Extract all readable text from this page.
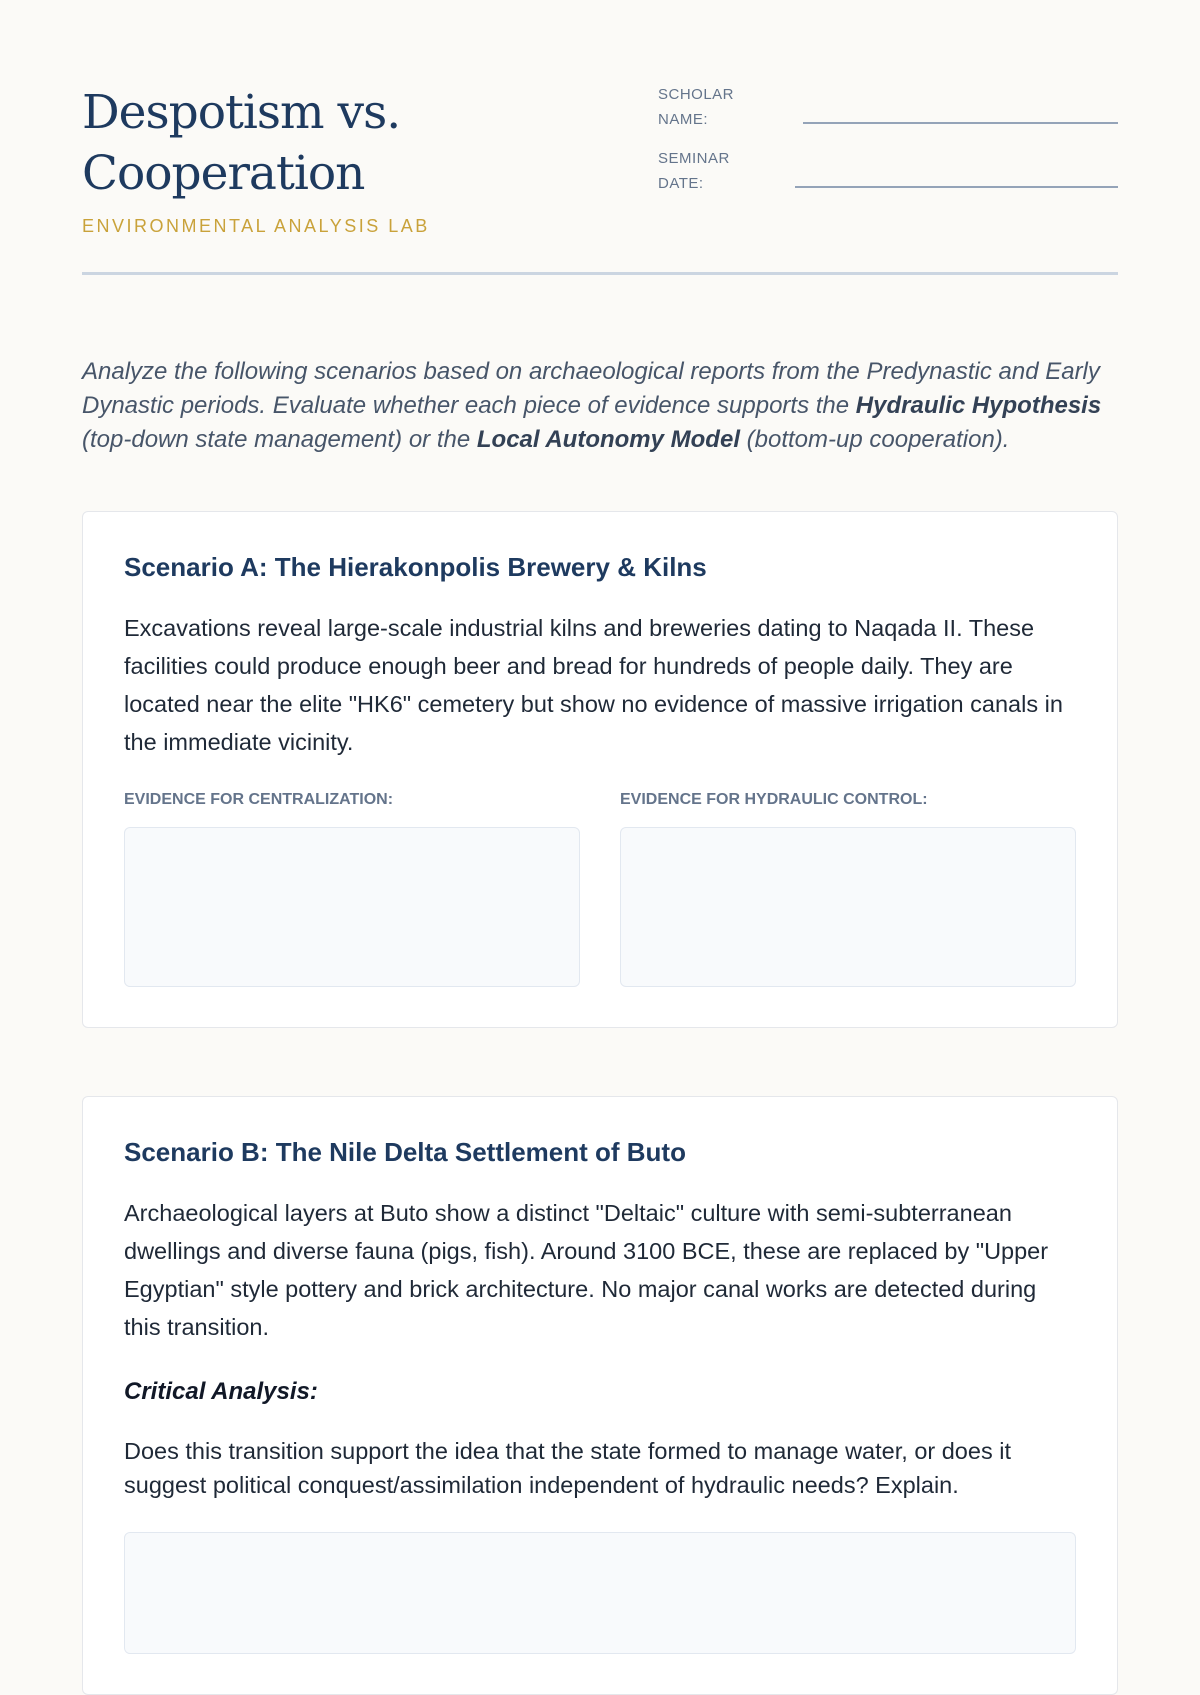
Despotism vs.
Cooperation
ENVIRONMENTAL ANALYSIS LAB
SCHOLAR
NAME:
SEMINAR
DATE:
Analyze the following scenarios based on archaeological reports from the Predynastic and Early Dynastic periods. Evaluate whether each piece of evidence supports the Hydraulic Hypothesis (top-down state management) or the Local Autonomy Model (bottom-up cooperation).
Scenario A: The Hierakonpolis Brewery & Kilns

Excavations reveal large-scale industrial kilns and breweries dating to Naqada II. These facilities could produce enough beer and bread for hundreds of people daily. They are located near the elite "HK6" cemetery but show no evidence of massive irrigation canals in the immediate vicinity.

EVIDENCE FOR CENTRALIZATION:	EVIDENCE FOR HYDRAULIC CONTROL:
Scenario B: The Nile Delta Settlement of Buto

Archaeological layers at Buto show a distinct "Deltaic" culture with semi-subterranean dwellings and diverse fauna (pigs, fish). Around 3100 BCE, these are replaced by "Upper Egyptian" style pottery and brick architecture. No major canal works are detected during this transition.

Critical Analysis:

Does this transition support the idea that the state formed to manage water, or does it suggest political conquest/assimilation independent of hydraulic needs? Explain.
